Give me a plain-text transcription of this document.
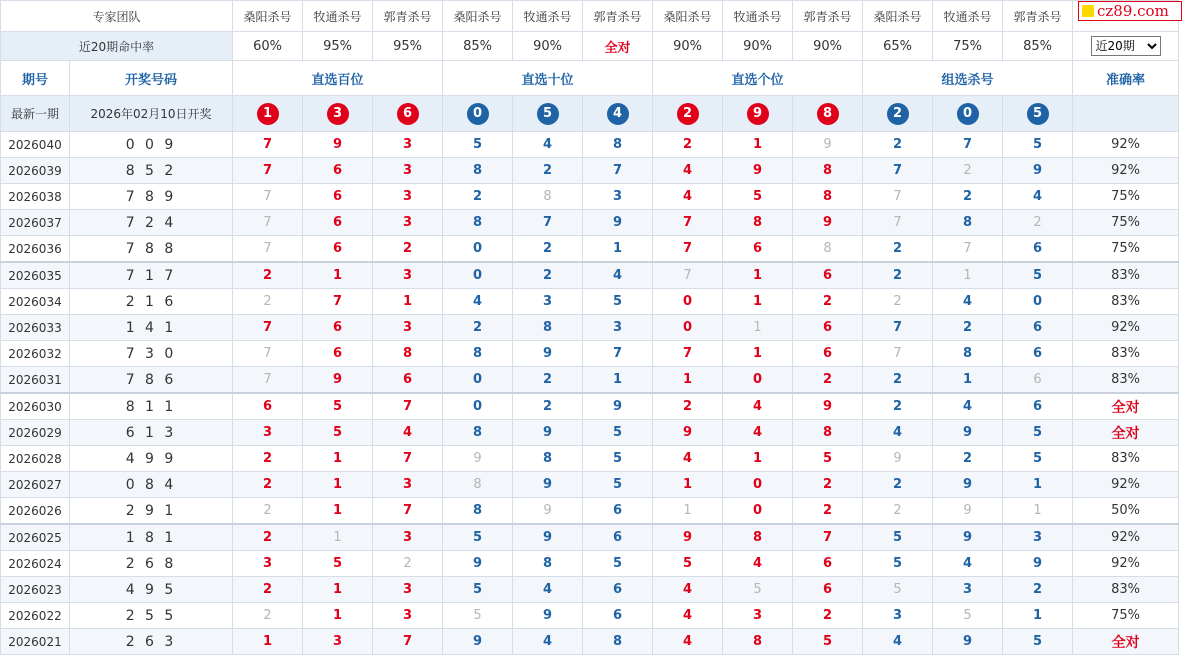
专家团队		桑阳杀号	牧通杀号	郭青杀号	桑阳杀号	牧通杀号	郭青杀号	桑阳杀号	牧通杀号	郭青杀号	桑阳杀号	牧通杀号	郭青杀号	
近20期命中率		60%	95%	95%	85%	90%	全对	90%	90%	90%	65%	75%	85%	
近20期
期号	开奖号码	直选百位			直选十位			直选个位			组选杀号			准确率
最新一期	2026年02月10日开奖	1	3	6	0	5	4	2	9	8	2	0	5	
2026040	0 0 9	7	9	3	5	4	8	2	1	9	2	7	5	92%
2026039	8 5 2	7	6	3	8	2	7	4	9	8	7	2	9	92%
2026038	7 8 9	7	6	3	2	8	3	4	5	8	7	2	4	75%
2026037	7 2 4	7	6	3	8	7	9	7	8	9	7	8	2	75%
2026036	7 8 8	7	6	2	0	2	1	7	6	8	2	7	6	75%
2026035	7 1 7	2	1	3	0	2	4	7	1	6	2	1	5	83%
2026034	2 1 6	2	7	1	4	3	5	0	1	2	2	4	0	83%
2026033	1 4 1	7	6	3	2	8	3	0	1	6	7	2	6	92%
2026032	7 3 0	7	6	8	8	9	7	7	1	6	7	8	6	83%
2026031	7 8 6	7	9	6	0	2	1	1	0	2	2	1	6	83%
2026030	8 1 1	6	5	7	0	2	9	2	4	9	2	4	6	全对
2026029	6 1 3	3	5	4	8	9	5	9	4	8	4	9	5	全对
2026028	4 9 9	2	1	7	9	8	5	4	1	5	9	2	5	83%
2026027	0 8 4	2	1	3	8	9	5	1	0	2	2	9	1	92%
2026026	2 9 1	2	1	7	8	9	6	1	0	2	2	9	1	50%
2026025	1 8 1	2	1	3	5	9	6	9	8	7	5	9	3	92%
2026024	2 6 8	3	5	2	9	8	5	5	4	6	5	4	9	92%
2026023	4 9 5	2	1	3	5	4	6	4	5	6	5	3	2	83%
2026022	2 5 5	2	1	3	5	9	6	4	3	2	3	5	1	75%
2026021	2 6 3	1	3	7	9	4	8	4	8	5	4	9	5	全对
cz89.com
